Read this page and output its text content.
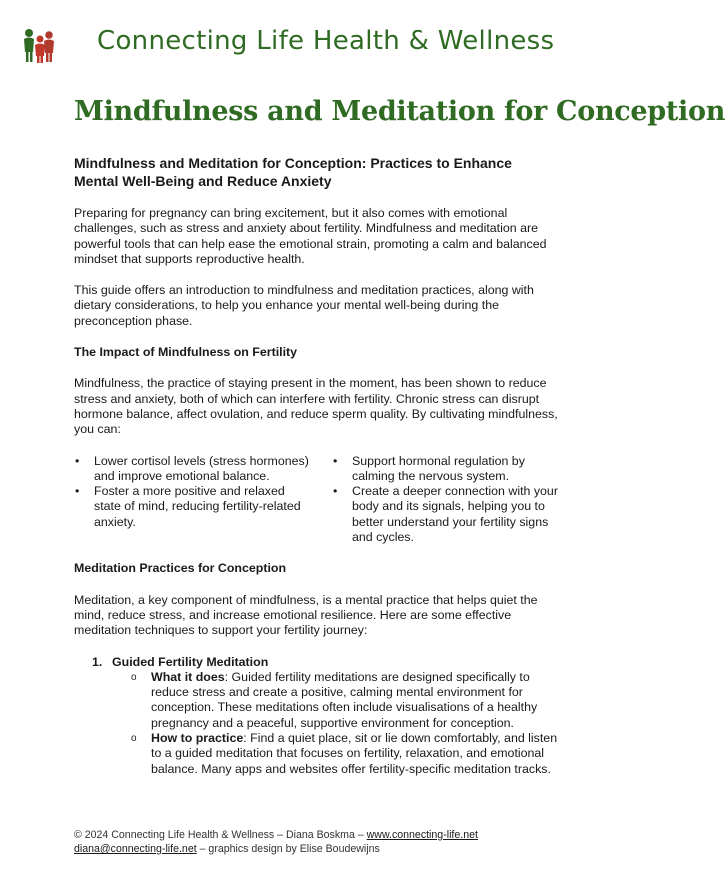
Connecting Life Health & Wellness
Mindfulness and Meditation for Conception
Mindfulness and Meditation for Conception: Practices to Enhance Mental Well-Being and Reduce Anxiety

Preparing for pregnancy can bring excitement, but it also comes with emotional challenges, such as stress and anxiety about fertility. Mindfulness and meditation are powerful tools that can help ease the emotional strain, promoting a calm and balanced mindset that supports reproductive health.

This guide offers an introduction to mindfulness and meditation practices, along with dietary considerations, to help you enhance your mental well-being during the preconception phase.

The Impact of Mindfulness on Fertility

Mindfulness, the practice of staying present in the moment, has been shown to reduce stress and anxiety, both of which can interfere with fertility. Chronic stress can disrupt hormone balance, affect ovulation, and reduce sperm quality. By cultivating mindfulness, you can:

• Lower cortisol levels (stress hormones) and improve emotional balance.
• Foster a more positive and relaxed state of mind, reducing fertility-related anxiety.
• Support hormonal regulation by calming the nervous system.
• Create a deeper connection with your body and its signals, helping you to better understand your fertility signs and cycles.
Meditation Practices for Conception

Meditation, a key component of mindfulness, is a mental practice that helps quiet the mind, reduce stress, and increase emotional resilience. Here are some effective meditation techniques to support your fertility journey:

1. Guided Fertility Meditation
o What it does: Guided fertility meditations are designed specifically to reduce stress and create a positive, calming mental environment for conception. These meditations often include visualisations of a healthy pregnancy and a peaceful, supportive environment for conception.
o How to practice: Find a quiet place, sit or lie down comfortably, and listen to a guided meditation that focuses on fertility, relaxation, and emotional balance. Many apps and websites offer fertility-specific meditation tracks.
© 2024 Connecting Life Health & Wellness – Diana Boskma – www.connecting-life.net
diana@connecting-life.net – graphics design by Elise Boudewijns
